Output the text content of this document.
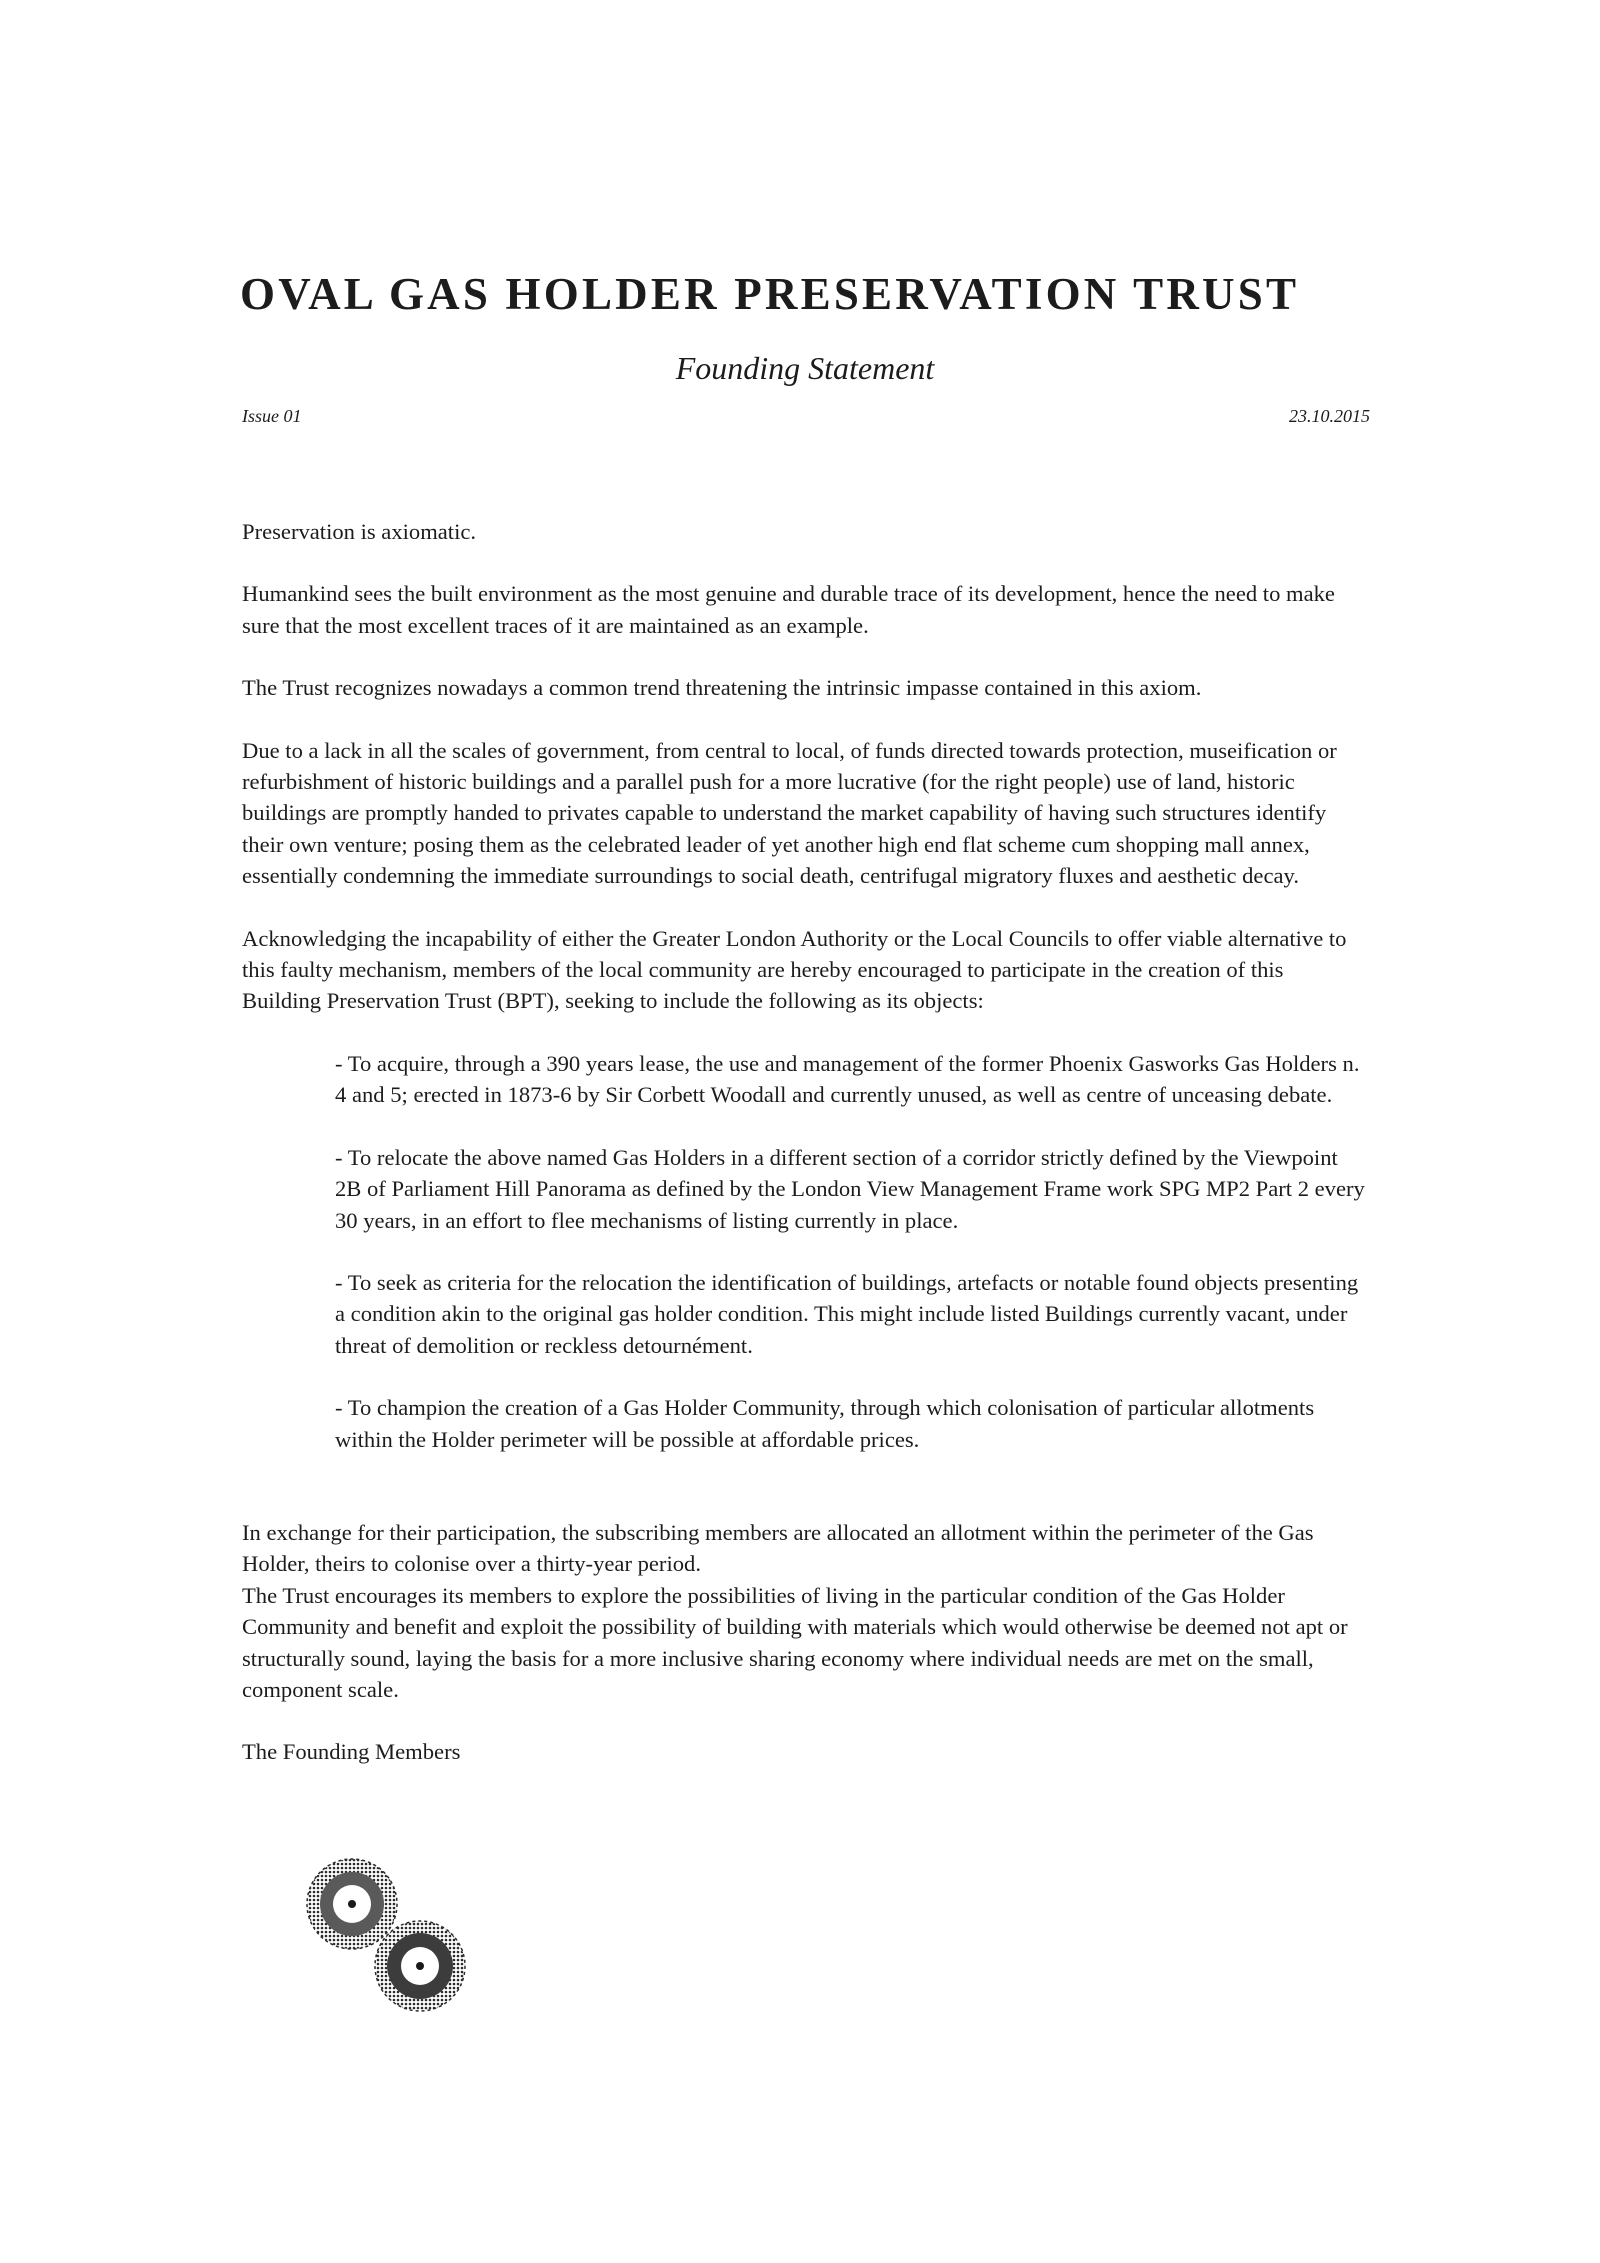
OVAL GAS HOLDER PRESERVATION TRUST
Founding Statement
Issue 01	23.10.2015

Preservation is axiomatic.

Humankind sees the built environment as the most genuine and durable trace of its development, hence the need to make sure that the most excellent traces of it are maintained as an example.

The Trust recognizes nowadays a common trend threatening the intrinsic impasse contained in this axiom.

Due to a lack in all the scales of government, from central to local, of funds directed towards protection, museification or refurbishment of historic buildings and a parallel push for a more lucrative (for the right people) use of land, historic buildings are promptly handed to privates capable to understand the market capability of having such structures identify their own venture; posing them as the celebrated leader of yet another high end flat scheme cum shopping mall annex, essentially condemning the immediate surroundings to social death, centrifugal migratory fluxes and aesthetic decay.

Acknowledging the incapability of either the Greater London Authority or the Local Councils to offer viable alternative to this faulty mechanism, members of the local community are hereby encouraged to participate in the creation of this Building Preservation Trust (BPT), seeking to include the following as its objects:

- To acquire, through a 390 years lease, the use and management of the former Phoenix Gasworks Gas Holders n. 4 and 5; erected in 1873-6 by Sir Corbett Woodall and currently unused, as well as centre of unceasing debate.

- To relocate the above named Gas Holders in a different section of a corridor strictly defined by the Viewpoint 2B of Parliament Hill Panorama as defined by the London View Management Frame work SPG MP2 Part 2 every 30 years, in an effort to flee mechanisms of listing currently in place.

- To seek as criteria for the relocation the identification of buildings, artefacts or notable found objects presenting a condition akin to the original gas holder condition. This might include listed Buildings currently vacant, under threat of demolition or reckless detournément.

- To champion the creation of a Gas Holder Community, through which colonisation of particular allotments within the Holder perimeter will be possible at affordable prices.

In exchange for their participation, the subscribing members are allocated an allotment within the perimeter of the Gas Holder, theirs to colonise over a thirty-year period.

The Trust encourages its members to explore the possibilities of living in the particular condition of the Gas Holder Community and benefit and exploit the possibility of building with materials which would otherwise be deemed not apt or structurally sound, laying the basis for a more inclusive sharing economy where individual needs are met on the small, component scale.

The Founding Members
